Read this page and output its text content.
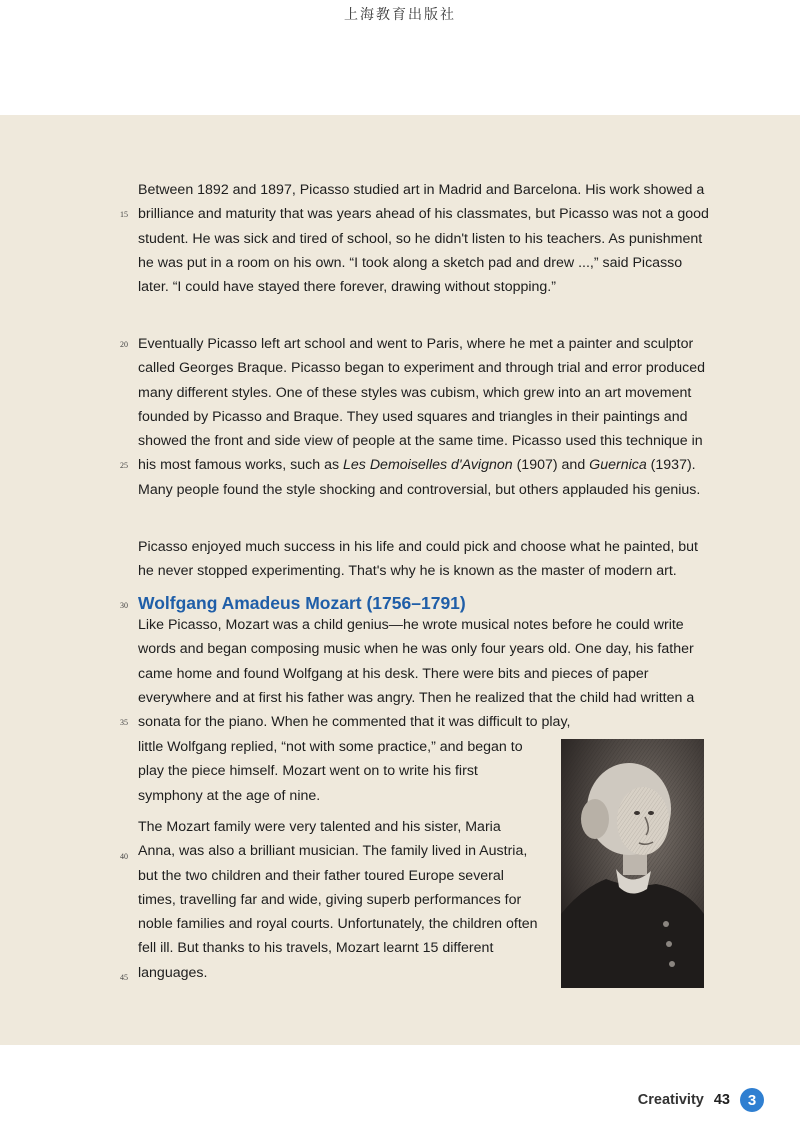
上海教育出版社

Between 1892 and 1897, Picasso studied art in Madrid and Barcelona. His work showed a brilliance and maturity that was years ahead of his classmates, but Picasso was not a good student. He was sick and tired of school, so he didn't listen to his teachers. As punishment he was put in a room on his own. “I took along a sketch pad and drew ...,” said Picasso later. “I could have stayed there forever, drawing without stopping.”

Eventually Picasso left art school and went to Paris, where he met a painter and sculptor called Georges Braque. Picasso began to experiment and through trial and error produced many different styles. One of these styles was cubism, which grew into an art movement founded by Picasso and Braque. They used squares and triangles in their paintings and showed the front and side view of people at the same time. Picasso used this technique in his most famous works, such as Les Demoiselles d'Avignon (1907) and Guernica (1937). Many people found the style shocking and controversial, but others applauded his genius.

Picasso enjoyed much success in his life and could pick and choose what he painted, but he never stopped experimenting. That's why he is known as the master of modern art.

Wolfgang Amadeus Mozart (1756–1791)

Like Picasso, Mozart was a child genius—he wrote musical notes before he could write words and began composing music when he was only four years old. One day, his father came home and found Wolfgang at his desk. There were bits and pieces of paper everywhere and at first his father was angry. Then he realized that the child had written a sonata for the piano. When he commented that it was difficult to play,

little Wolfgang replied, “not with some practice,” and began to play the piece himself. Mozart went on to write his first symphony at the age of nine.

The Mozart family were very talented and his sister, Maria Anna, was also a brilliant musician. The family lived in Austria, but the two children and their father toured Europe several times, travelling far and wide, giving superb performances for noble families and royal courts. Unfortunately, the children often fell ill. But thanks to his travels, Mozart learnt 15 different languages.

15
20
25
30
35
40
45
Creativity 43	3
